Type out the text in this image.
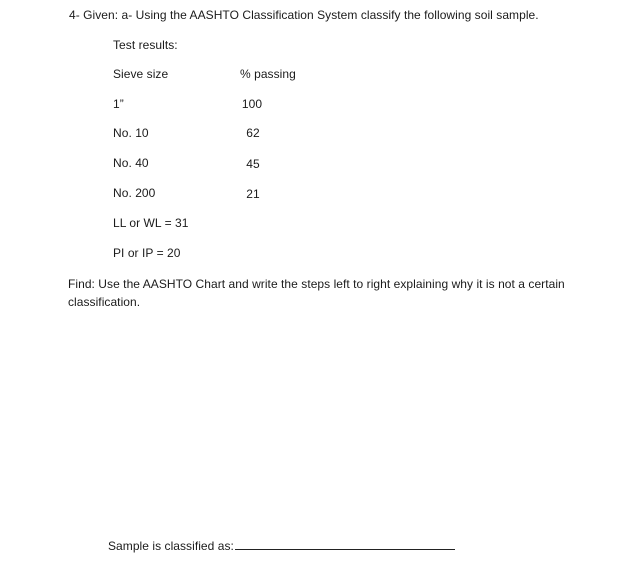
4- Given: a- Using the AASHTO Classification System classify the following soil sample.
Test results:
Sieve size	% passing
1”	100
No. 10	62
No. 40	45
No. 200	21
LL or WL = 31
PI or IP = 20
Find: Use the AASHTO Chart and write the steps left to right explaining why it is not a certain
classification.
Sample is classified as:
